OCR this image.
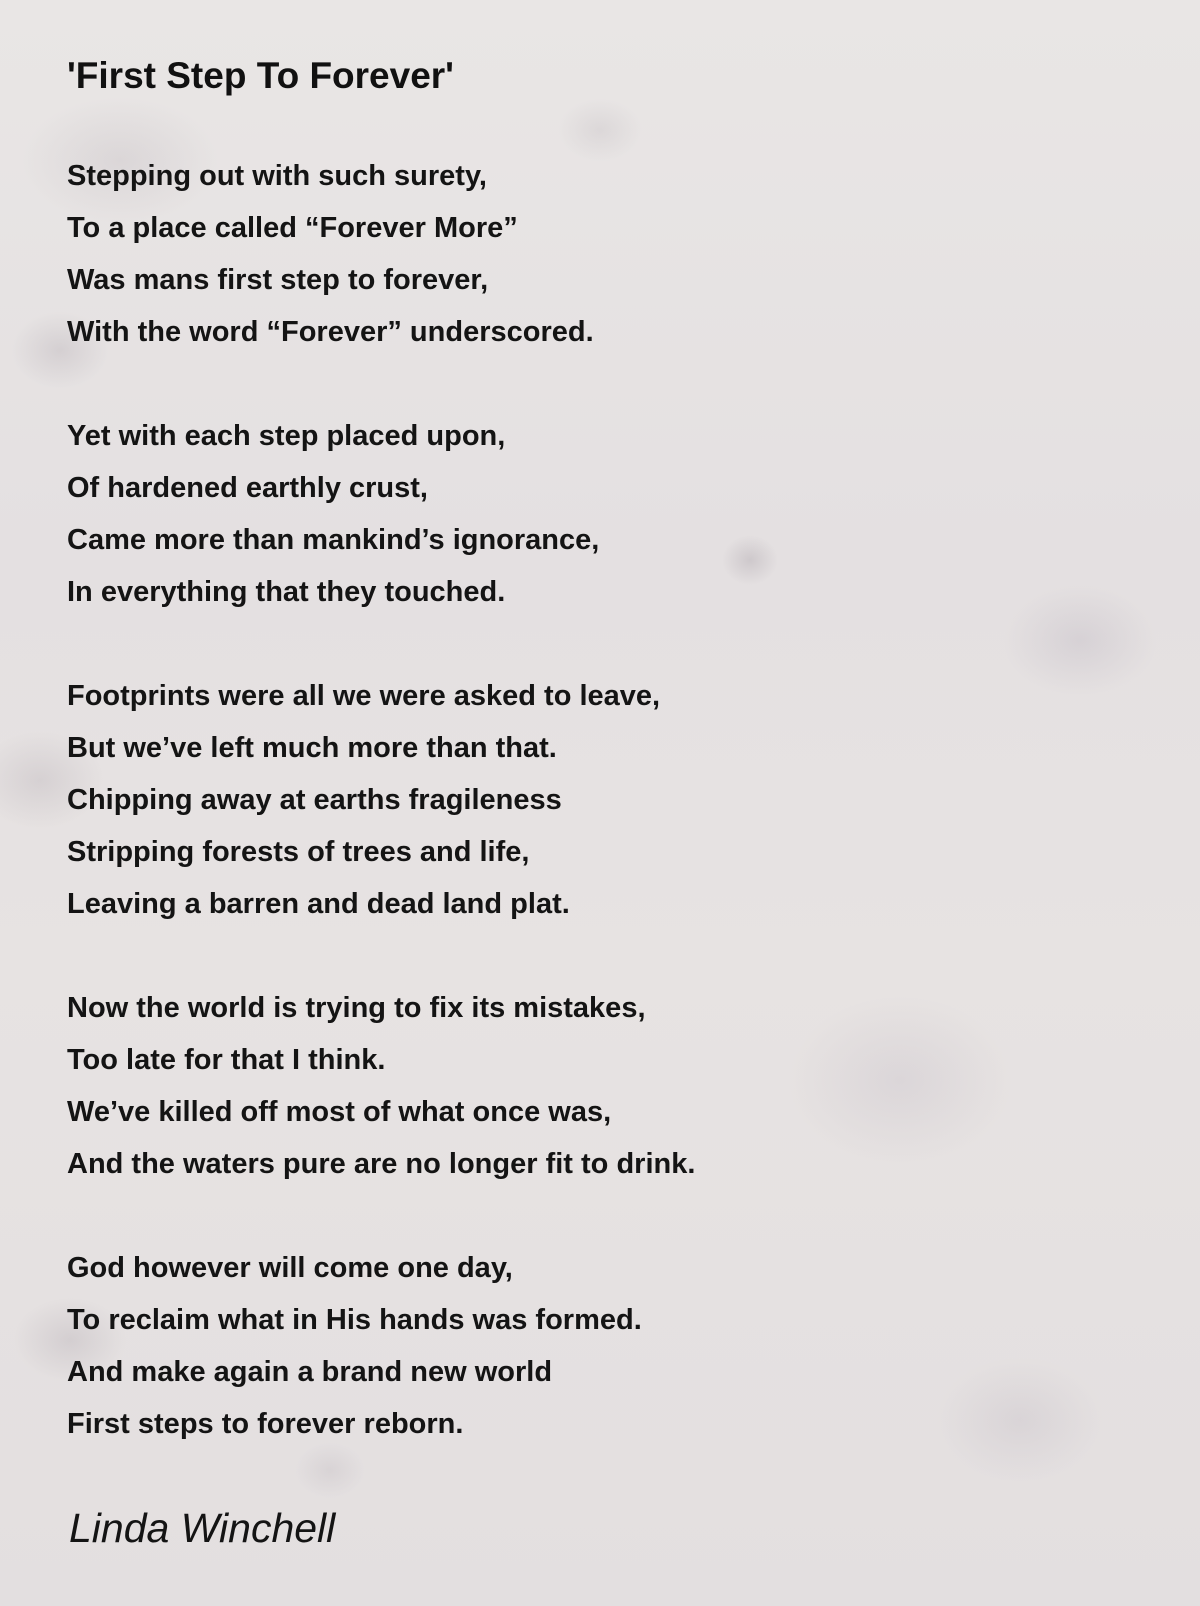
'First Step To Forever'
Stepping out with such surety,
To a place called “Forever More”
Was mans first step to forever,
With the word “Forever” underscored.
Yet with each step placed upon,
Of hardened earthly crust,
Came more than mankind’s ignorance,
In everything that they touched.
Footprints were all we were asked to leave,
But we’ve left much more than that.
Chipping away at earths fragileness
Stripping forests of trees and life,
Leaving a barren and dead land plat.
Now the world is trying to fix its mistakes,
Too late for that I think.
We’ve killed off most of what once was,
And the waters pure are no longer fit to drink.
God however will come one day,
To reclaim what in His hands was formed.
And make again a brand new world
First steps to forever reborn.

Linda Winchell
